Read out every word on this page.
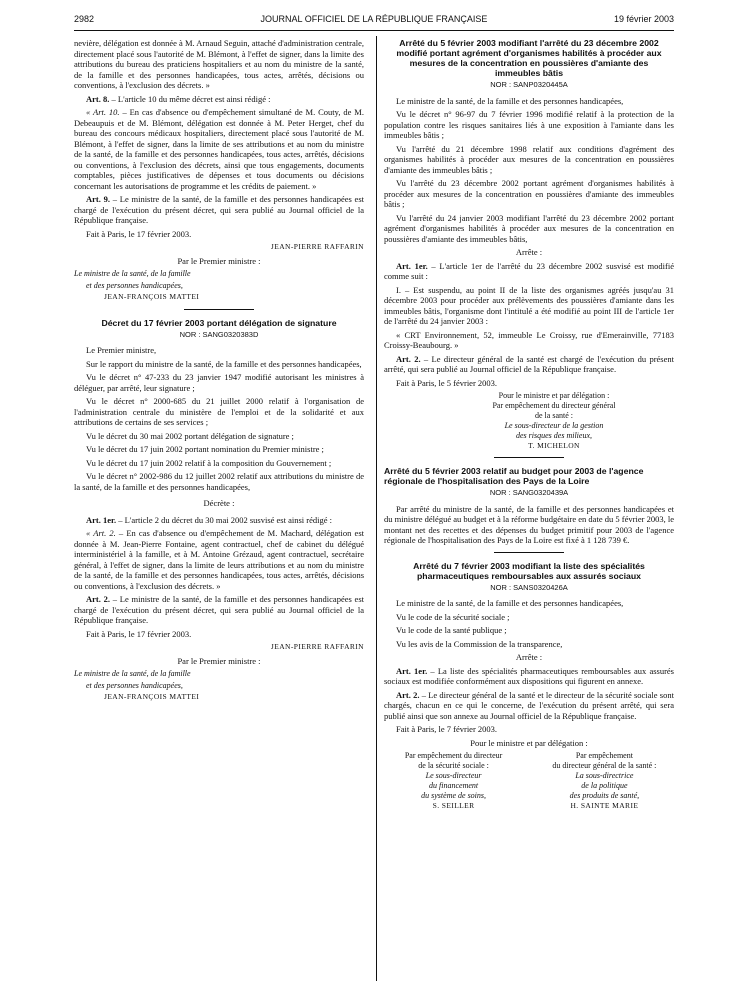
2982	JOURNAL OFFICIEL DE LA RÉPUBLIQUE FRANÇAISE	19 février 2003

nevière, délégation est donnée à M. Arnaud Seguin, attaché d'administration centrale, directement placé sous l'autorité de M. Blémont, à l'effet de signer, dans la limite des attributions du bureau des praticiens hospitaliers et au nom du ministre de la santé, de la famille et des personnes handicapées, tous actes, arrêtés, décisions ou conventions, à l'exclusion des décrets. »

Art. 8. – L'article 10 du même décret est ainsi rédigé :

« Art. 10. – En cas d'absence ou d'empêchement simultané de M. Couty, de M. Debeaupuis et de M. Blémont, délégation est donnée à M. Peter Herget, chef du bureau des concours médicaux hospitaliers, directement placé sous l'autorité de M. Blémont, à l'effet de signer, dans la limite de ses attributions et au nom du ministre de la santé, de la famille et des personnes handicapées, tous actes, arrêtés, décisions ou conventions, à l'exclusion des décrets, ainsi que tous engagements, documents comptables, pièces justificatives de dépenses et tous documents ou décisions concernant les autorisations de programme et les crédits de paiement. »

Art. 9. – Le ministre de la santé, de la famille et des personnes handicapées est chargé de l'exécution du présent décret, qui sera publié au Journal officiel de la République française.

Fait à Paris, le 17 février 2003.

JEAN-PIERRE RAFFARIN

Par le Premier ministre :

Le ministre de la santé, de la famille

et des personnes handicapées,

JEAN-FRANÇOIS MATTEI

Décret du 17 février 2003 portant délégation de signature
NOR : SANG0320383D

Le Premier ministre,

Sur le rapport du ministre de la santé, de la famille et des personnes handicapées,

Vu le décret n° 47-233 du 23 janvier 1947 modifié autorisant les ministres à déléguer, par arrêté, leur signature ;

Vu le décret n° 2000-685 du 21 juillet 2000 relatif à l'organisation de l'administration centrale du ministère de l'emploi et de la solidarité et aux attributions de certains de ses services ;

Vu le décret du 30 mai 2002 portant délégation de signature ;

Vu le décret du 17 juin 2002 portant nomination du Premier ministre ;

Vu le décret du 17 juin 2002 relatif à la composition du Gouvernement ;

Vu le décret n° 2002-986 du 12 juillet 2002 relatif aux attributions du ministre de la santé, de la famille et des personnes handicapées,

Décrète :

Art. 1er. – L'article 2 du décret du 30 mai 2002 susvisé est ainsi rédigé :

« Art. 2. – En cas d'absence ou d'empêchement de M. Machard, délégation est donnée à M. Jean-Pierre Fontaine, agent contractuel, chef de cabinet du délégué interministériel à la famille, et à M. Antoine Grézaud, agent contractuel, secrétaire général, à l'effet de signer, dans la limite de leurs attributions et au nom du ministre de la santé, de la famille et des personnes handicapées, tous actes, arrêtés, décisions ou conventions, à l'exclusion des décrets. »

Art. 2. – Le ministre de la santé, de la famille et des personnes handicapées est chargé de l'exécution du présent décret, qui sera publié au Journal officiel de la République française.

Fait à Paris, le 17 février 2003.

JEAN-PIERRE RAFFARIN

Par le Premier ministre :

Le ministre de la santé, de la famille

et des personnes handicapées,

JEAN-FRANÇOIS MATTEI

Arrêté du 5 février 2003 modifiant l'arrêté du 23 décembre 2002 modifié portant agrément d'organismes habilités à procéder aux mesures de la concentration en poussières d'amiante des immeubles bâtis
NOR : SANP0320445A

Le ministre de la santé, de la famille et des personnes handicapées,

Vu le décret n° 96-97 du 7 février 1996 modifié relatif à la protection de la population contre les risques sanitaires liés à une exposition à l'amiante dans les immeubles bâtis ;

Vu l'arrêté du 21 décembre 1998 relatif aux conditions d'agrément des organismes habilités à procéder aux mesures de la concentration en poussières d'amiante des immeubles bâtis ;

Vu l'arrêté du 23 décembre 2002 portant agrément d'organismes habilités à procéder aux mesures de la concentration en poussières d'amiante des immeubles bâtis ;

Vu l'arrêté du 24 janvier 2003 modifiant l'arrêté du 23 décembre 2002 portant agrément d'organismes habilités à procéder aux mesures de la concentration en poussières d'amiante des immeubles bâtis,

Arrête :

Art. 1er. – L'article 1er de l'arrêté du 23 décembre 2002 susvisé est modifié comme suit :

I. – Est suspendu, au point II de la liste des organismes agréés jusqu'au 31 décembre 2003 pour procéder aux prélèvements des poussières d'amiante dans les immeubles bâtis, l'organisme dont l'intitulé a été modifié au point III de l'article 1er de l'arrêté du 24 janvier 2003 :

« CRT Environnement, 52, immeuble Le Croissy, rue d'Emerainville, 77183 Croissy-Beaubourg. »

Art. 2. – Le directeur général de la santé est chargé de l'exécution du présent arrêté, qui sera publié au Journal officiel de la République française.

Fait à Paris, le 5 février 2003.

Pour le ministre et par délégation :
Par empêchement du directeur général
de la santé :
Le sous-directeur de la gestion
des risques des milieux,
T. MICHELON
Arrêté du 5 février 2003 relatif au budget pour 2003 de l'agence régionale de l'hospitalisation des Pays de la Loire
NOR : SANG0320439A

Par arrêté du ministre de la santé, de la famille et des personnes handicapées et du ministre délégué au budget et à la réforme budgétaire en date du 5 février 2003, le montant net des recettes et des dépenses du budget primitif pour 2003 de l'agence régionale de l'hospitalisation des Pays de la Loire est fixé à 1 128 739 €.

Arrêté du 7 février 2003 modifiant la liste des spécialités pharmaceutiques remboursables aux assurés sociaux
NOR : SANS0320426A

Le ministre de la santé, de la famille et des personnes handicapées,

Vu le code de la sécurité sociale ;

Vu le code de la santé publique ;

Vu les avis de la Commission de la transparence,

Arrête :

Art. 1er. – La liste des spécialités pharmaceutiques remboursables aux assurés sociaux est modifiée conformément aux dispositions qui figurent en annexe.

Art. 2. – Le directeur général de la santé et le directeur de la sécurité sociale sont chargés, chacun en ce qui le concerne, de l'exécution du présent arrêté, qui sera publié ainsi que son annexe au Journal officiel de la République française.

Fait à Paris, le 7 février 2003.

Pour le ministre et par délégation :

Par empêchement du directeur
de la sécurité sociale :
Le sous-directeur
du financement
du système de soins,
S. SEILLER
Par empêchement
du directeur général de la santé :
La sous-directrice
de la politique
des produits de santé,
H. SAINTE MARIE
